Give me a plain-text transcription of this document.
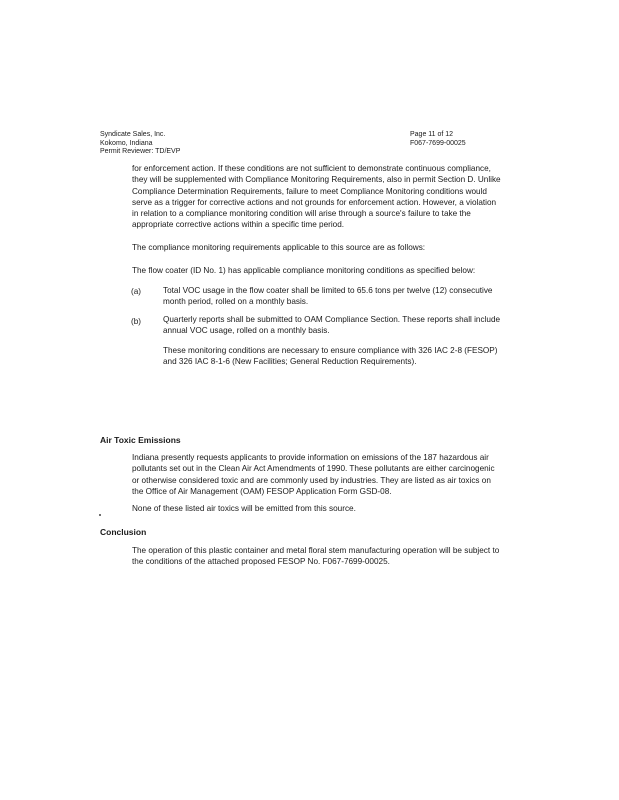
Syndicate Sales, Inc.
Kokomo, Indiana
Permit Reviewer: TD/EVP
Page 11 of 12
F067-7699-00025
for enforcement action. If these conditions are not sufficient to demonstrate continuous compliance, they will be supplemented with Compliance Monitoring Requirements, also in permit Section D. Unlike Compliance Determination Requirements, failure to meet Compliance Monitoring conditions would serve as a trigger for corrective actions and not grounds for enforcement action. However, a violation in relation to a compliance monitoring condition will arise through a source's failure to take the appropriate corrective actions within a specific time period.
The compliance monitoring requirements applicable to this source are as follows:
The flow coater (ID No. 1) has applicable compliance monitoring conditions as specified below:
(a)	Total VOC usage in the flow coater shall be limited to 65.6 tons per twelve (12) consecutive month period, rolled on a monthly basis.
(b)	Quarterly reports shall be submitted to OAM Compliance Section. These reports shall include annual VOC usage, rolled on a monthly basis.
These monitoring conditions are necessary to ensure compliance with 326 IAC 2-8 (FESOP) and 326 IAC 8-1-6 (New Facilities; General Reduction Requirements).
Air Toxic Emissions
Indiana presently requests applicants to provide information on emissions of the 187 hazardous air pollutants set out in the Clean Air Act Amendments of 1990. These pollutants are either carcinogenic or otherwise considered toxic and are commonly used by industries. They are listed as air toxics on the Office of Air Management (OAM) FESOP Application Form GSD-08.
None of these listed air toxics will be emitted from this source.
Conclusion
The operation of this plastic container and metal floral stem manufacturing operation will be subject to the conditions of the attached proposed FESOP No. F067-7699-00025.
